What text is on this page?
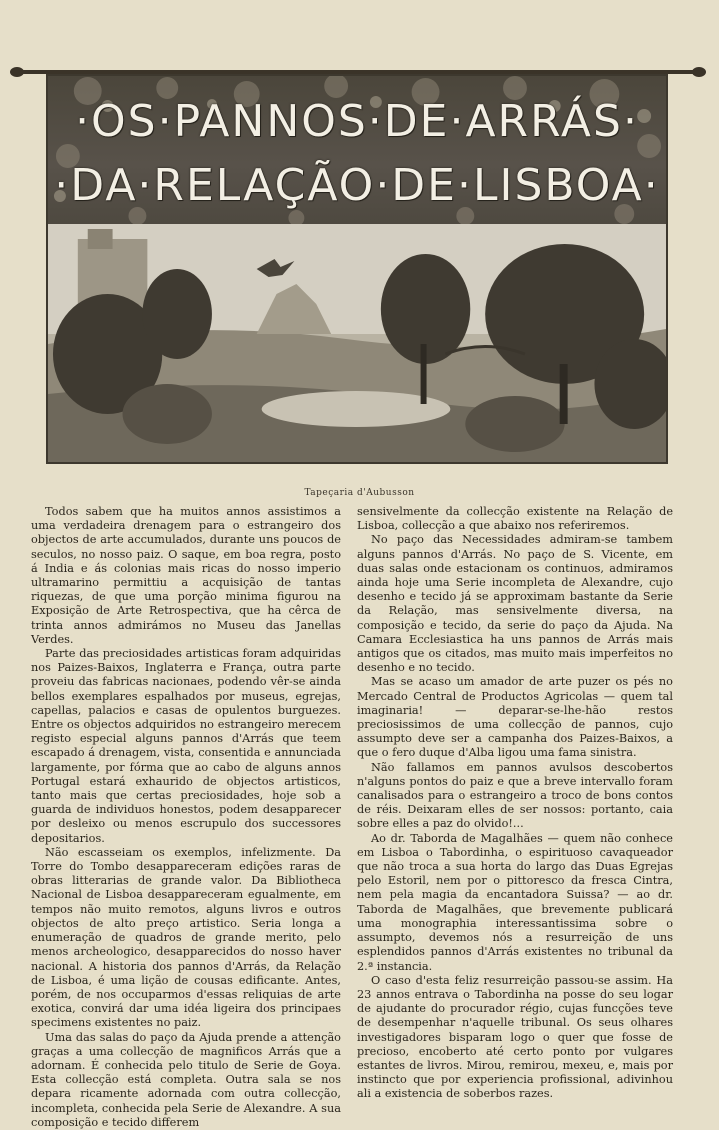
·OS·PANNOS·DE·ARRÁS·
·DA·RELAÇÃO·DE·LISBOA·
Tapeçaria d'Aubusson

Todos sabem que ha muitos annos assistimos a uma verdadeira drenagem para o estrangeiro dos objectos de arte accumulados, durante uns poucos de seculos, no nosso paiz. O saque, em boa regra, posto á India e ás colonias mais ricas do nosso imperio ultramarino permittiu a acquisição de tantas riquezas, de que uma porção minima figurou na Exposição de Arte Retrospectiva, que ha cêrca de trinta annos admirámos no Museu das Janellas Verdes.

Parte das preciosidades artisticas foram adquiridas nos Paizes-Baixos, Inglaterra e França, outra parte proveiu das fabricas nacionaes, podendo vêr-se ainda bellos exemplares espalhados por museus, egrejas, capellas, palacios e casas de opulentos burguezes. Entre os objectos adquiridos no estrangeiro merecem registo especial alguns pannos d'Arrás que teem escapado á drenagem, vista, consentida e annunciada largamente, por fórma que ao cabo de alguns annos Portugal estará exhaurido de objectos artisticos, tanto mais que certas preciosidades, hoje sob a guarda de individuos honestos, podem desapparecer por desleixo ou menos escrupulo dos successores depositarios.

Não escasseiam os exemplos, infelizmente. Da Torre do Tombo desappareceram edições raras de obras litterarias de grande valor. Da Bibliotheca Nacional de Lisboa desappareceram egualmente, em tempos não muito remotos, alguns livros e outros objectos de alto preço artistico. Seria longa a enumeração de quadros de grande merito, pelo menos archeologico, desapparecidos do nosso haver nacional. A historia dos pannos d'Arrás, da Relação de Lisboa, é uma lição de cousas edificante. Antes, porém, de nos occuparmos d'essas reliquias de arte exotica, convirá dar uma idéa ligeira dos principaes specimens existentes no paiz.

Uma das salas do paço da Ajuda prende a attenção graças a uma collecção de magnificos Arrás que a adornam. É conhecida pelo titulo de Serie de Goya. Esta collecção está completa. Outra sala se nos depara ricamente adornada com outra collecção, incompleta, conhecida pela Serie de Alexandre. A sua composição e tecido differem

sensivelmente da collecção existente na Relação de Lisboa, collecção a que abaixo nos referiremos.

No paço das Necessidades admiram-se tambem alguns pannos d'Arrás. No paço de S. Vicente, em duas salas onde estacionam os continuos, admiramos ainda hoje uma Serie incompleta de Alexandre, cujo desenho e tecido já se approximam bastante da Serie da Relação, mas sensivelmente diversa, na composição e tecido, da serie do paço da Ajuda. Na Camara Ecclesiastica ha uns pannos de Arrás mais antigos que os citados, mas muito mais imperfeitos no desenho e no tecido.

Mas se acaso um amador de arte puzer os pés no Mercado Central de Productos Agricolas — quem tal imaginaria! — deparar-se-lhe-hão restos preciosissimos de uma collecção de pannos, cujo assumpto deve ser a campanha dos Paizes-Baixos, a que o fero duque d'Alba ligou uma fama sinistra.

Não fallamos em pannos avulsos descobertos n'alguns pontos do paiz e que a breve intervallo foram canalisados para o estrangeiro a troco de bons contos de réis. Deixaram elles de ser nossos: portanto, caia sobre elles a paz do olvido!...

Ao dr. Taborda de Magalhães — quem não conhece em Lisboa o Tabordinha, o espirituoso cavaqueador que não troca a sua horta do largo das Duas Egrejas pelo Estoril, nem por o pittoresco da fresca Cintra, nem pela magia da encantadora Suissa? — ao dr. Taborda de Magalhães, que brevemente publicará uma monographia interessantissima sobre o assumpto, devemos nós a resurreição de uns esplendidos pannos d'Arrás existentes no tribunal da 2.ª instancia.

O caso d'esta feliz resurreição passou-se assim. Ha 23 annos entrava o Tabordinha na posse do seu logar de ajudante do procurador régio, cujas funcções teve de desempenhar n'aquelle tribunal. Os seus olhares investigadores bisparam logo o quer que fosse de precioso, encoberto até certo ponto por vulgares estantes de livros. Mirou, remirou, mexeu, e, mais por instincto que por experiencia profissional, adivinhou ali a existencia de soberbos razes.
